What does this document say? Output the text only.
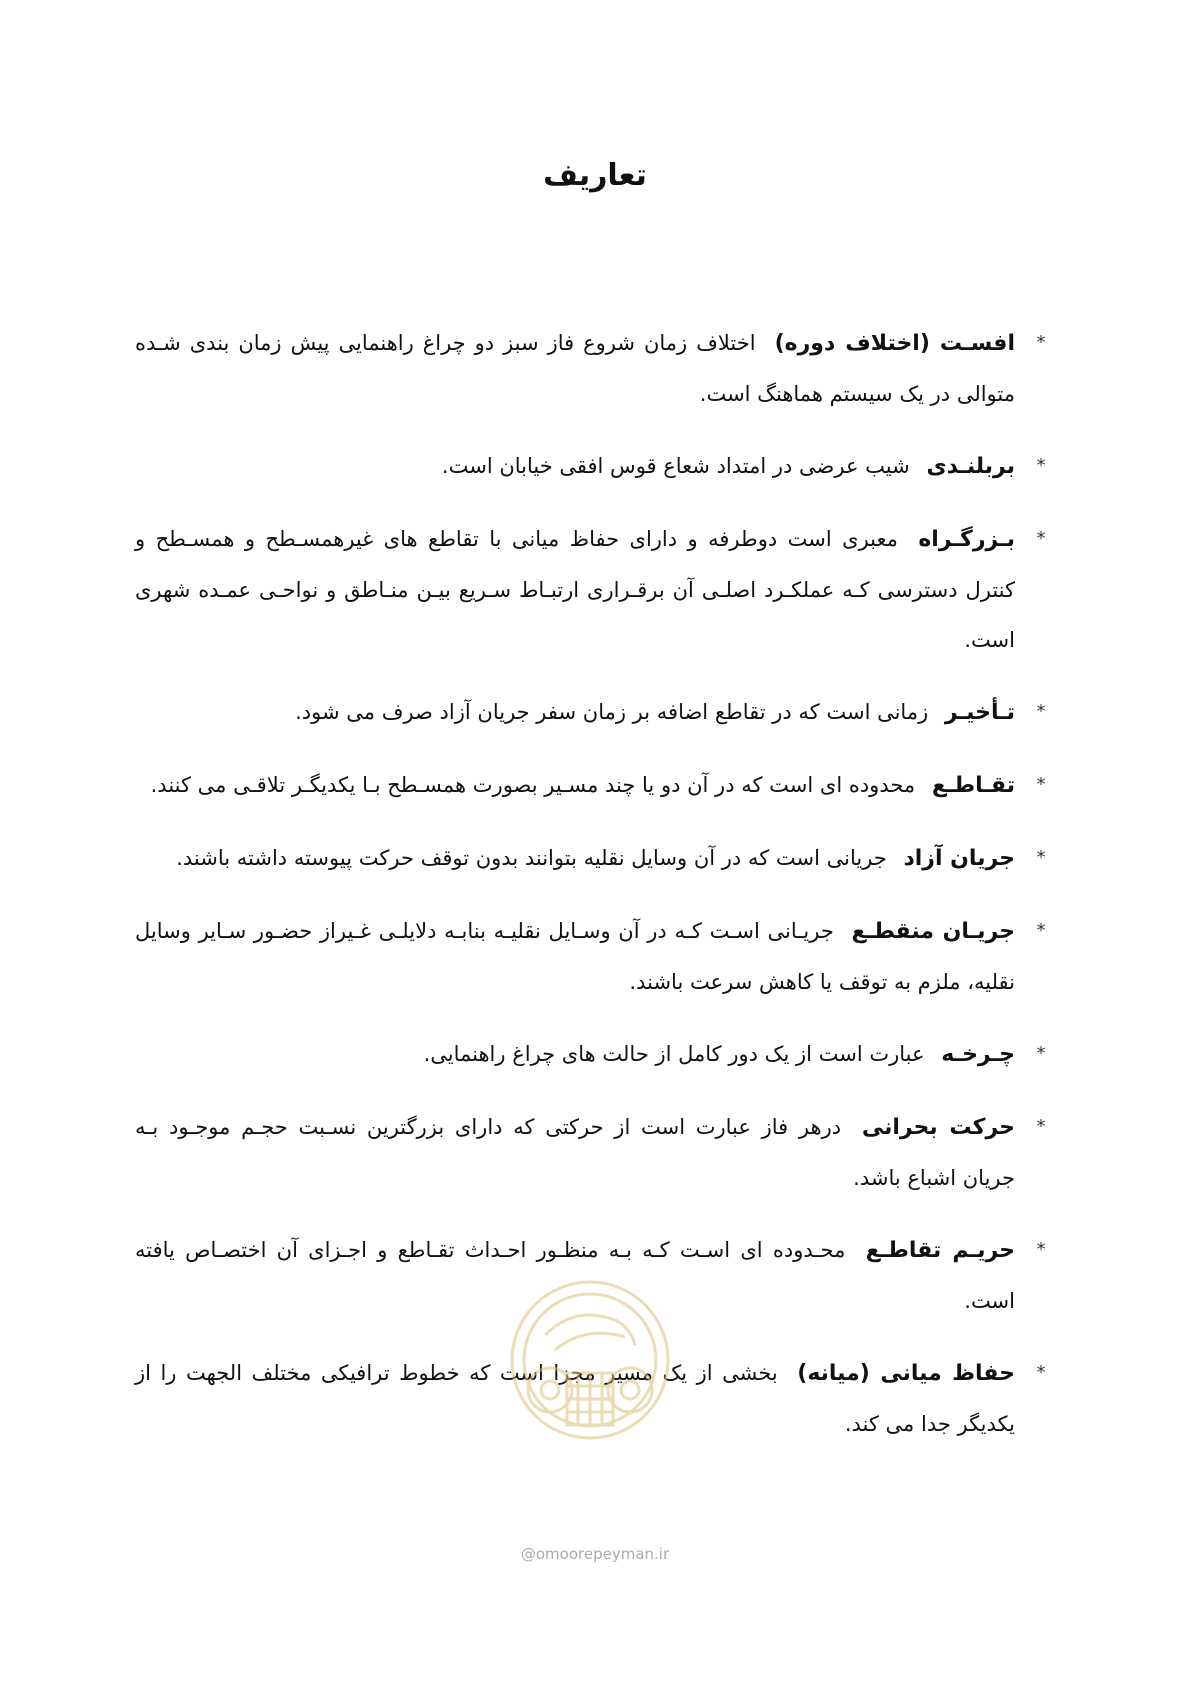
تعاریف
*
افسـت (اختلاف دوره) اختلاف زمان شروع فاز سبز دو چراغ راهنمایی پیش زمان بندی شـده متوالی در یک سیستم هماهنگ است.
*
بربلنـدی شیب عرضی در امتداد شعاع قوس افقی خیابان است.
*
بـزرگـراه معبری است دوطرفه و دارای حفاظ میانی با تقاطع های غیرهمسـطح و همسـطح و کنترل دسترسی کـه عملکـرد اصلـی آن برقـراری ارتبـاط سـریع بیـن منـاطق و نواحـی عمـده شهری است.
*
تـأخیـر زمانی است که در تقاطع اضافه بر زمان سفر جریان آزاد صرف می شود.
*
تقـاطـع محدوده ای است که در آن دو یا چند مسـیر بصورت همسـطح بـا یکدیگـر تلاقـی می کنند.
*
جریان آزاد جریانی است که در آن وسایل نقلیه بتوانند بدون توقف حرکت پیوسته داشته باشند.
*
جریـان منقطـع جریـانی اسـت کـه در آن وسـایل نقلیـه بنابـه دلایلـی غـیراز حضـور سـایر وسایل نقلیه، ملزم به توقف یا کاهش سرعت باشند.
*
چـرخـه عبارت است از یک دور کامل از حالت های چراغ راهنمایی.
*
حرکت بحرانی درهر فاز عبارت است از حرکتی که دارای بزرگترین نسـبت حجـم موجـود بـه جریان اشباع باشد.
*
حریـم تقاطـع محـدوده ای اسـت کـه بـه منظـور احـداث تقـاطع و اجـزای آن اختصـاص یافته است.
*
حفاظ میانی (میانه) بخشی از یک مسیر مجزا است که خطوط ترافیکی مختلف الجهت را از یکدیگر جدا می کند.
@omoorepeyman.ir
